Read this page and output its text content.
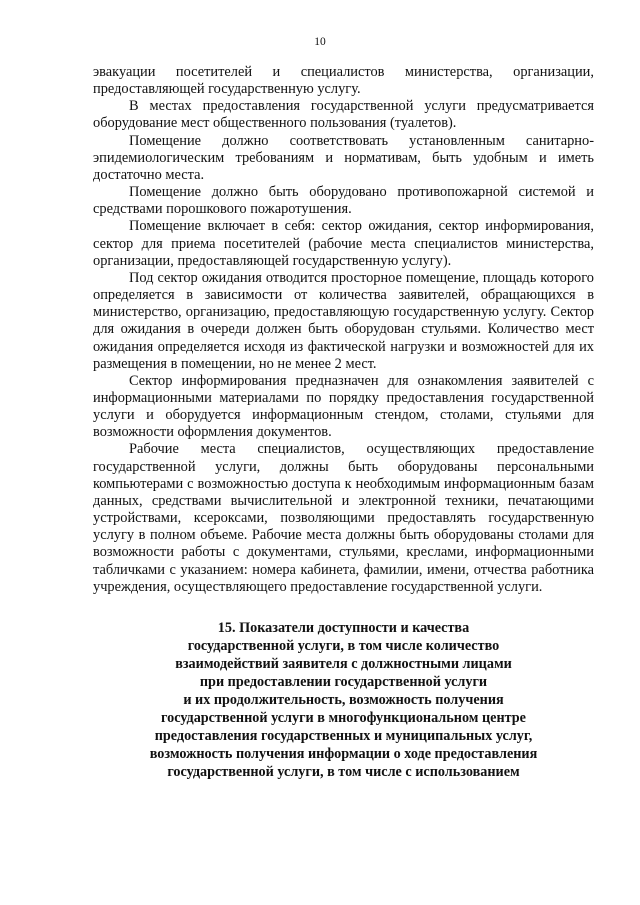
10

эвакуации посетителей и специалистов министерства, организации, предоставляющей государственную услугу.

В местах предоставления государственной услуги предусматривается оборудование мест общественного пользования (туалетов).

Помещение должно соответствовать установленным санитарно-эпидемиологическим требованиям и нормативам, быть удобным и иметь достаточно места.

Помещение должно быть оборудовано противопожарной системой и средствами порошкового пожаротушения.

Помещение включает в себя: сектор ожидания, сектор информирования, сектор для приема посетителей (рабочие места специалистов министерства, организации, предоставляющей государственную услугу).

Под сектор ожидания отводится просторное помещение, площадь которого определяется в зависимости от количества заявителей, обращающихся в министерство, организацию, предоставляющую государственную услугу. Сектор для ожидания в очереди должен быть оборудован стульями. Количество мест ожидания определяется исходя из фактической нагрузки и возможностей для их размещения в помещении, но не менее 2 мест.

Сектор информирования предназначен для ознакомления заявителей с информационными материалами по порядку предоставления государственной услуги и оборудуется информационным стендом, столами, стульями для возможности оформления документов.

Рабочие места специалистов, осуществляющих предоставление государственной услуги, должны быть оборудованы персональными компьютерами с возможностью доступа к необходимым информационным базам данных, средствами вычислительной и электронной техники, печатающими устройствами, ксероксами, позволяющими предоставлять государственную услугу в полном объеме. Рабочие места должны быть оборудованы столами для возможности работы с документами, стульями, креслами, информационными табличками с указанием: номера кабинета, фамилии, имени, отчества работника учреждения, осуществляющего предоставление государственной услуги.

15. Показатели доступности и качества
государственной услуги, в том числе количество
взаимодействий заявителя с должностными лицами
при предоставлении государственной услуги
и их продолжительность, возможность получения
государственной услуги в многофункциональном центре
предоставления государственных и муниципальных услуг,
возможность получения информации о ходе предоставления
государственной услуги, в том числе с использованием
